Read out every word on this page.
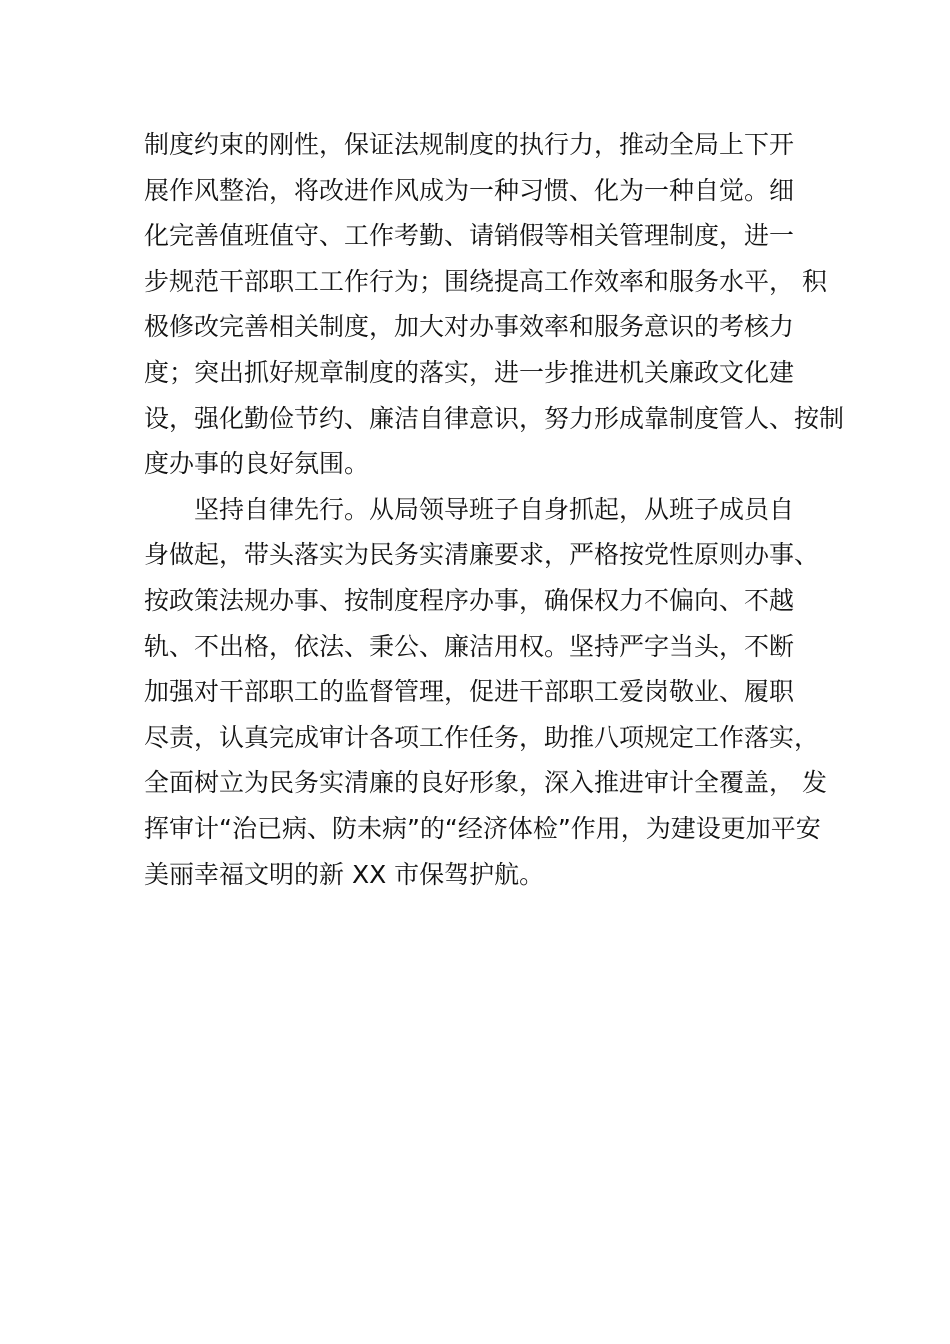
制度约束的刚性，保证法规制度的执行力，推动全局上下开
展作风整治，将改进作风成为一种习惯、化为一种自觉。细
化完善值班值守、工作考勤、请销假等相关管理制度，进一
步规范干部职工工作行为；围绕提高工作效率和服务水平， 积
极修改完善相关制度，加大对办事效率和服务意识的考核力
度；突出抓好规章制度的落实，进一步推进机关廉政文化建
设，强化勤俭节约、廉洁自律意识，努力形成靠制度管人、按制
度办事的良好氛围。
坚持自律先行。从局领导班子自身抓起，从班子成员自
身做起，带头落实为民务实清廉要求，严格按党性原则办事、
按政策法规办事、按制度程序办事，确保权力不偏向、不越
轨、不出格，依法、秉公、廉洁用权。坚持严字当头，不断
加强对干部职工的监督管理，促进干部职工爱岗敬业、履职
尽责，认真完成审计各项工作任务，助推八项规定工作落实，
全面树立为民务实清廉的良好形象，深入推进审计全覆盖， 发
挥审计“治已病、防未病”的“经济体检”作用，为建设更加平安
美丽幸福文明的新 XX 市保驾护航。
